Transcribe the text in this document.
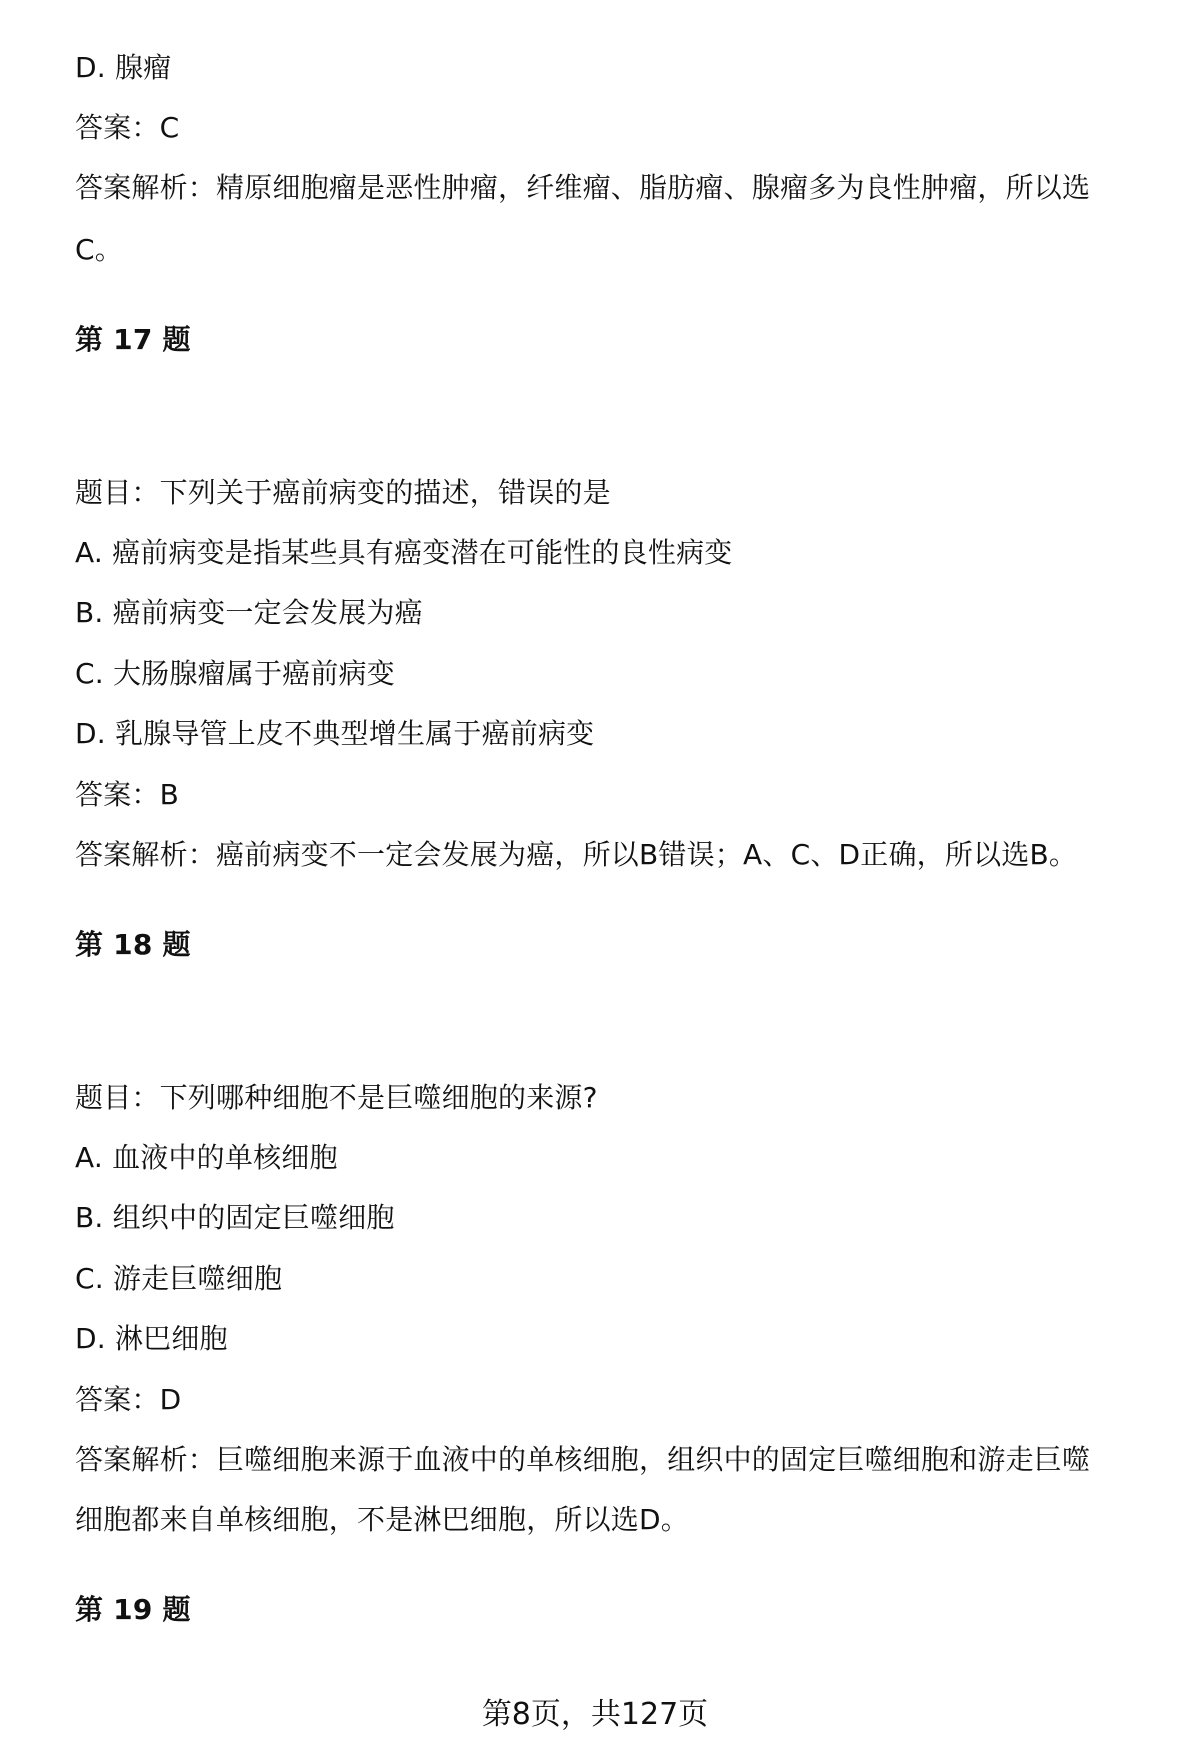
D. 腺瘤
答案：C
答案解析：精原细胞瘤是恶性肿瘤，纤维瘤、脂肪瘤、腺瘤多为良性肿瘤，所以选
C。
第 17 题
题目：下列关于癌前病变的描述，错误的是
A. 癌前病变是指某些具有癌变潜在可能性的良性病变
B. 癌前病变一定会发展为癌
C. 大肠腺瘤属于癌前病变
D. 乳腺导管上皮不典型增生属于癌前病变
答案：B
答案解析：癌前病变不一定会发展为癌，所以B错误；A、C、D正确，所以选B。
第 18 题
题目：下列哪种细胞不是巨噬细胞的来源?
A. 血液中的单核细胞
B. 组织中的固定巨噬细胞
C. 游走巨噬细胞
D. 淋巴细胞
答案：D
答案解析：巨噬细胞来源于血液中的单核细胞，组织中的固定巨噬细胞和游走巨噬
细胞都来自单核细胞，不是淋巴细胞，所以选D。
第 19 题
第8页，共127页
